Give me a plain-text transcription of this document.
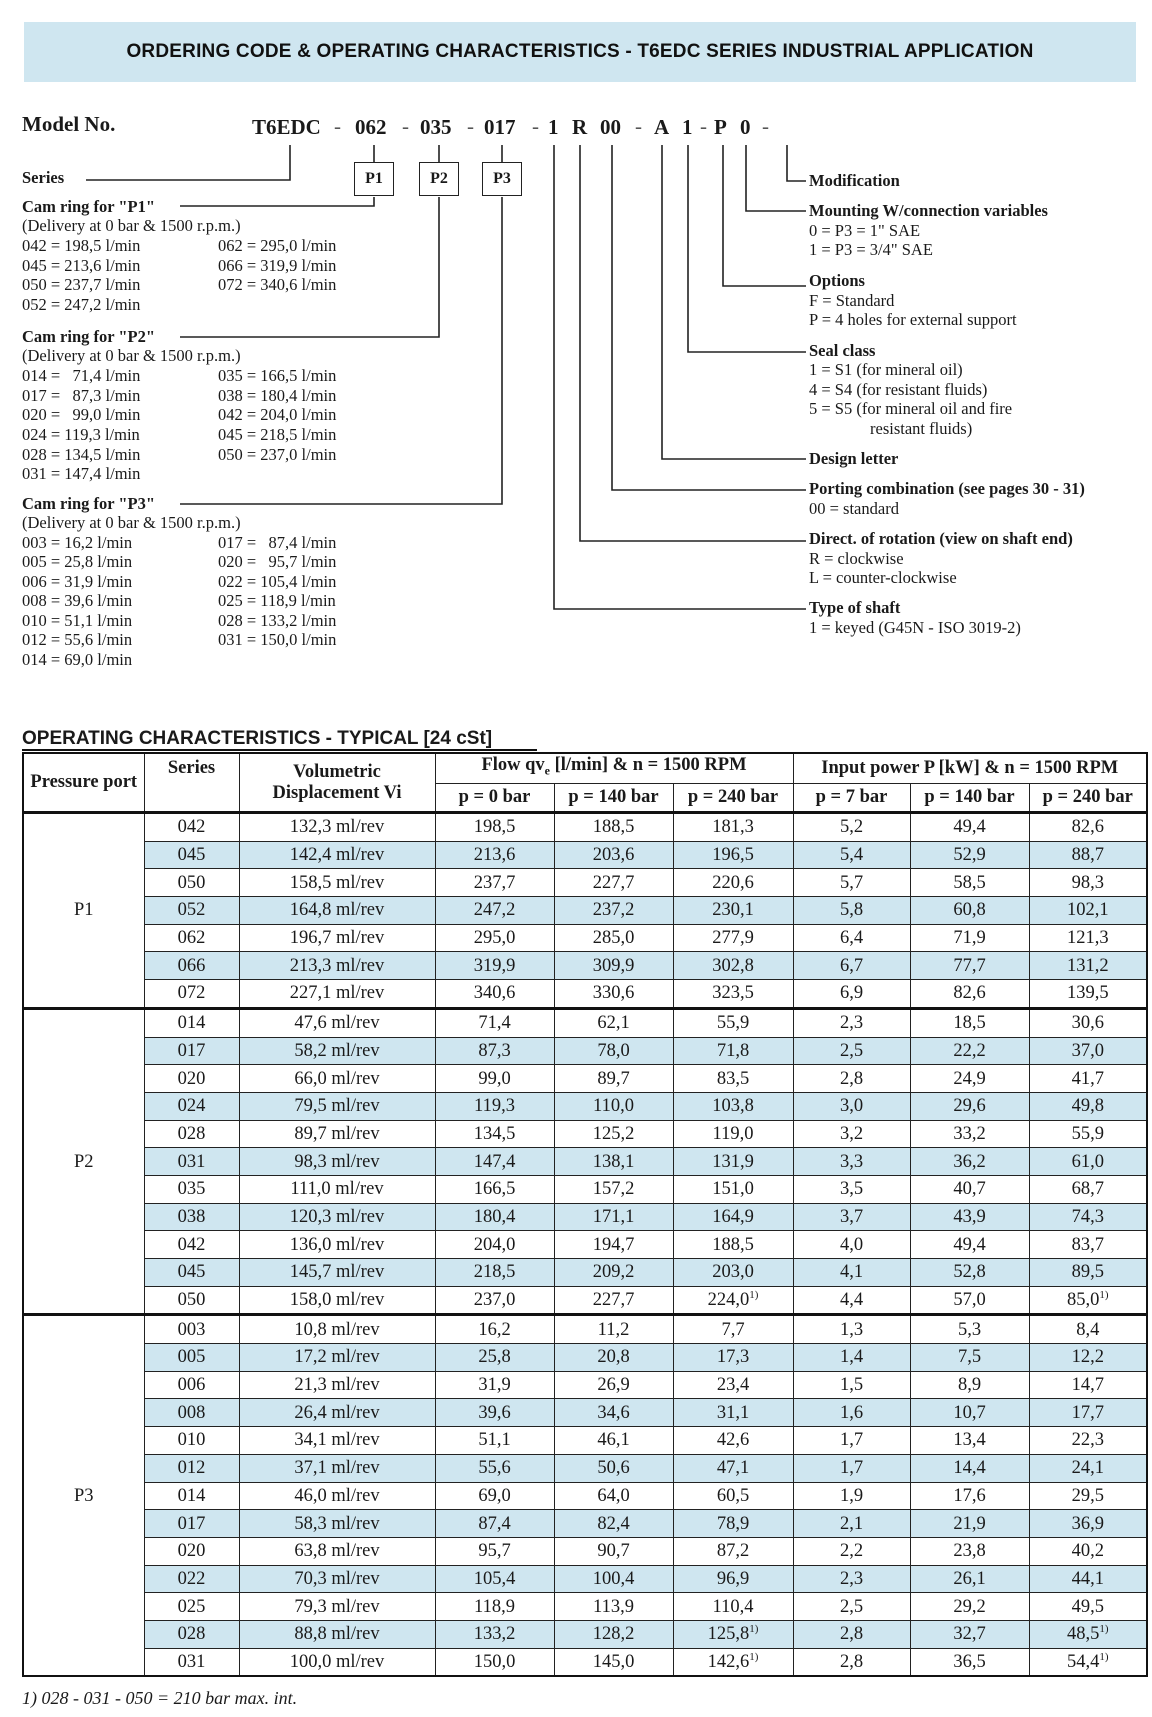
ORDERING CODE & OPERATING CHARACTERISTICS - T6EDC SERIES INDUSTRIAL APPLICATION
Model No.	T6EDC - 062 - 035 - 017 - 1 R 00 - A 1 - P 0 -
P1	P2	P3
Series
Cam ring for "P1"
(Delivery at 0 bar & 1500 r.p.m.)
042 = 198,5 l/min
045 = 213,6 l/min
050 = 237,7 l/min
052 = 247,2 l/min
062 = 295,0 l/min
066 = 319,9 l/min
072 = 340,6 l/min
Cam ring for "P2"
(Delivery at 0 bar & 1500 r.p.m.)
014 =   71,4 l/min
017 =   87,3 l/min
020 =   99,0 l/min
024 = 119,3 l/min
028 = 134,5 l/min
031 = 147,4 l/min
035 = 166,5 l/min
038 = 180,4 l/min
042 = 204,0 l/min
045 = 218,5 l/min
050 = 237,0 l/min
Cam ring for "P3"
(Delivery at 0 bar & 1500 r.p.m.)
003 = 16,2 l/min
005 = 25,8 l/min
006 = 31,9 l/min
008 = 39,6 l/min
010 = 51,1 l/min
012 = 55,6 l/min
014 = 69,0 l/min
017 =   87,4 l/min
020 =   95,7 l/min
022 = 105,4 l/min
025 = 118,9 l/min
028 = 133,2 l/min
031 = 150,0 l/min
Modification
Mounting W/connection variables
0 = P3 = 1" SAE
1 = P3 = 3/4" SAE
Options
F = Standard
P = 4 holes for external support
Seal class
1 = S1 (for mineral oil)
4 = S4 (for resistant fluids)
5 = S5 (for mineral oil and fire
resistant fluids)
Design letter
Porting combination (see pages 30 - 31)
00 = standard
Direct. of rotation (view on shaft end)
R = clockwise
L = counter-clockwise
Type of shaft
1 = keyed (G45N - ISO 3019-2)
OPERATING CHARACTERISTICS - TYPICAL [24 cSt]
Pressure port	Series	Volumetric Displacement Vi	Flow $qv_e$ [l/min] & n = 1500 RPM			Input power P [kW] & n = 1500 RPM		
			p = 0 bar	p = 140 bar	p = 240 bar	p = 7 bar	p = 140 bar	p = 240 bar
P1	042	132,3 ml/rev	198,5	188,5	181,3	5,2	49,4	82,6
	045	142,4 ml/rev	213,6	203,6	196,5	5,4	52,9	88,7
	050	158,5 ml/rev	237,7	227,7	220,6	5,7	58,5	98,3
	052	164,8 ml/rev	247,2	237,2	230,1	5,8	60,8	102,1
	062	196,7 ml/rev	295,0	285,0	277,9	6,4	71,9	121,3
	066	213,3 ml/rev	319,9	309,9	302,8	6,7	77,7	131,2
	072	227,1 ml/rev	340,6	330,6	323,5	6,9	82,6	139,5
P2	014	47,6 ml/rev	71,4	62,1	55,9	2,3	18,5	30,6
	017	58,2 ml/rev	87,3	78,0	71,8	2,5	22,2	37,0
	020	66,0 ml/rev	99,0	89,7	83,5	2,8	24,9	41,7
	024	79,5 ml/rev	119,3	110,0	103,8	3,0	29,6	49,8
	028	89,7 ml/rev	134,5	125,2	119,0	3,2	33,2	55,9
	031	98,3 ml/rev	147,4	138,1	131,9	3,3	36,2	61,0
	035	111,0 ml/rev	166,5	157,2	151,0	3,5	40,7	68,7
	038	120,3 ml/rev	180,4	171,1	164,9	3,7	43,9	74,3
	042	136,0 ml/rev	204,0	194,7	188,5	4,0	49,4	83,7
	045	145,7 ml/rev	218,5	209,2	203,0	4,1	52,8	89,5
	050	158,0 ml/rev	237,0	227,7	224,0$^{1)}$	4,4	57,0	85,0$^{1)}$
P3	003	10,8 ml/rev	16,2	11,2	7,7	1,3	5,3	8,4
	005	17,2 ml/rev	25,8	20,8	17,3	1,4	7,5	12,2
	006	21,3 ml/rev	31,9	26,9	23,4	1,5	8,9	14,7
	008	26,4 ml/rev	39,6	34,6	31,1	1,6	10,7	17,7
	010	34,1 ml/rev	51,1	46,1	42,6	1,7	13,4	22,3
	012	37,1 ml/rev	55,6	50,6	47,1	1,7	14,4	24,1
	014	46,0 ml/rev	69,0	64,0	60,5	1,9	17,6	29,5
	017	58,3 ml/rev	87,4	82,4	78,9	2,1	21,9	36,9
	020	63,8 ml/rev	95,7	90,7	87,2	2,2	23,8	40,2
	022	70,3 ml/rev	105,4	100,4	96,9	2,3	26,1	44,1
	025	79,3 ml/rev	118,9	113,9	110,4	2,5	29,2	49,5
	028	88,8 ml/rev	133,2	128,2	125,8$^{1)}$	2,8	32,7	48,5$^{1)}$
	031	100,0 ml/rev	150,0	145,0	142,6$^{1)}$	2,8	36,5	54,4$^{1)}$
1) 028 - 031 - 050 = 210 bar max. int.
